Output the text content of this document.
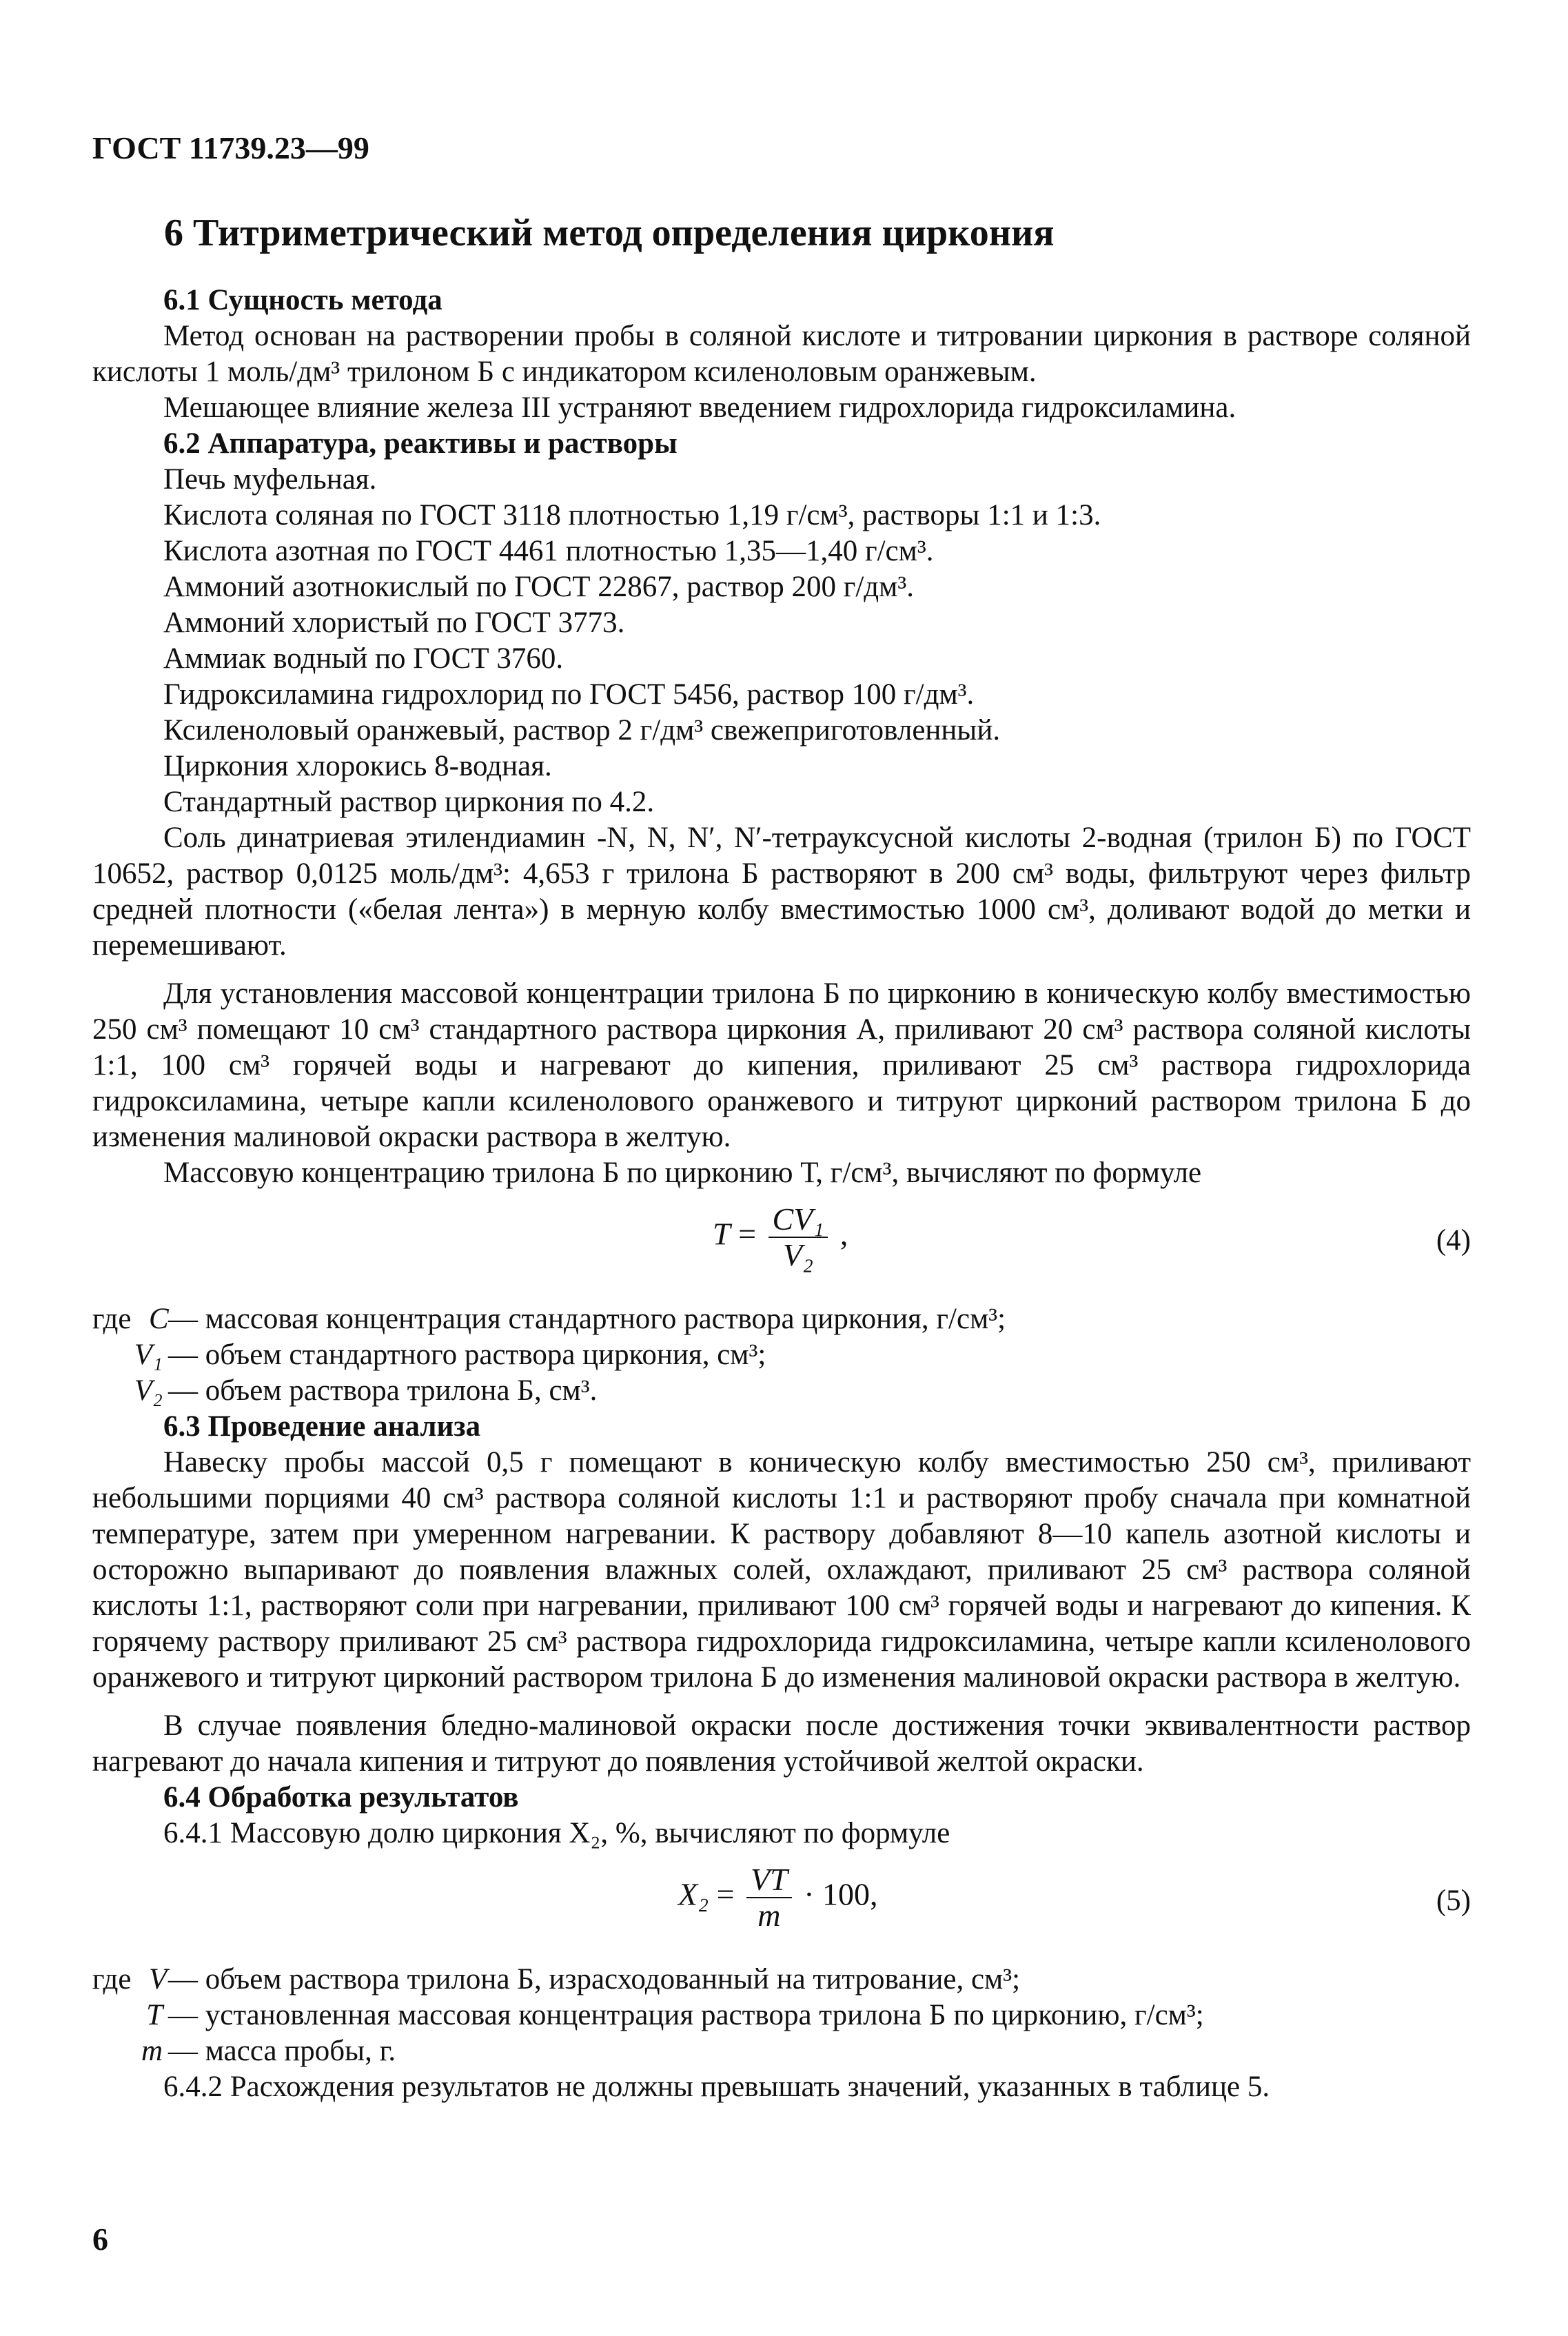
ГОСТ 11739.23—99
6 Титриметрический метод определения циркония

6.1 Сущность метода

Метод основан на растворении пробы в соляной кислоте и титровании циркония в растворе соляной кислоты 1 моль/дм³ трилоном Б с индикатором ксиленоловым оранжевым.

Мешающее влияние железа III устраняют введением гидрохлорида гидроксиламина.

6.2 Аппаратура, реактивы и растворы

Печь муфельная.

Кислота соляная по ГОСТ 3118 плотностью 1,19 г/см³, растворы 1:1 и 1:3.

Кислота азотная по ГОСТ 4461 плотностью 1,35—1,40 г/см³.

Аммоний азотнокислый по ГОСТ 22867, раствор 200 г/дм³.

Аммоний хлористый по ГОСТ 3773.

Аммиак водный по ГОСТ 3760.

Гидроксиламина гидрохлорид по ГОСТ 5456, раствор 100 г/дм³.

Ксиленоловый оранжевый, раствор 2 г/дм³ свежеприготовленный.

Циркония хлорокись 8-водная.

Стандартный раствор циркония по 4.2.

Соль динатриевая этилендиамин -N, N, N′, N′-тетрауксусной кислоты 2-водная (трилон Б) по ГОСТ 10652, раствор 0,0125 моль/дм³: 4,653 г трилона Б растворяют в 200 см³ воды, фильтруют через фильтр средней плотности («белая лента») в мерную колбу вместимостью 1000 см³, доливают водой до метки и перемешивают.

Для установления массовой концентрации трилона Б по цирконию в коническую колбу вместимостью 250 см³ помещают 10 см³ стандартного раствора циркония А, приливают 20 см³ раствора соляной кислоты 1:1, 100 см³ горячей воды и нагревают до кипения, приливают 25 см³ раствора гидрохлорида гидроксиламина, четыре капли ксиленолового оранжевого и титруют цирконий раствором трилона Б до изменения малиновой окраски раствора в желтую.

Массовую концентрацию трилона Б по цирконию Т, г/см³, вычисляют по формуле

$T = \frac{\text{CV₁}}{\text{V₂}}$ ,	(4)
где C — массовая концентрация стандартного раствора циркония, г/см³;
V₁ — объем стандартного раствора циркония, см³;
V₂ — объем раствора трилона Б, см³.

6.3 Проведение анализа

Навеску пробы массой 0,5 г помещают в коническую колбу вместимостью 250 см³, приливают небольшими порциями 40 см³ раствора соляной кислоты 1:1 и растворяют пробу сначала при комнатной температуре, затем при умеренном нагревании. К раствору добавляют 8—10 капель азотной кислоты и осторожно выпаривают до появления влажных солей, охлаждают, приливают 25 см³ раствора соляной кислоты 1:1, растворяют соли при нагревании, приливают 100 см³ горячей воды и нагревают до кипения. К горячему раствору приливают 25 см³ раствора гидрохлорида гидроксиламина, четыре капли ксиленолового оранжевого и титруют цирконий раствором трилона Б до изменения малиновой окраски раствора в желтую.

В случае появления бледно-малиновой окраски после достижения точки эквивалентности раствор нагревают до начала кипения и титруют до появления устойчивой желтой окраски.

6.4 Обработка результатов

6.4.1 Массовую долю циркония X₂, %, вычисляют по формуле

$X_2 = \frac{VT}{m} \cdot 100$,	(5)
где V — объем раствора трилона Б, израсходованный на титрование, см³;
T — установленная массовая концентрация раствора трилона Б по цирконию, г/см³;
m — масса пробы, г.

6.4.2 Расхождения результатов не должны превышать значений, указанных в таблице 5.

6
